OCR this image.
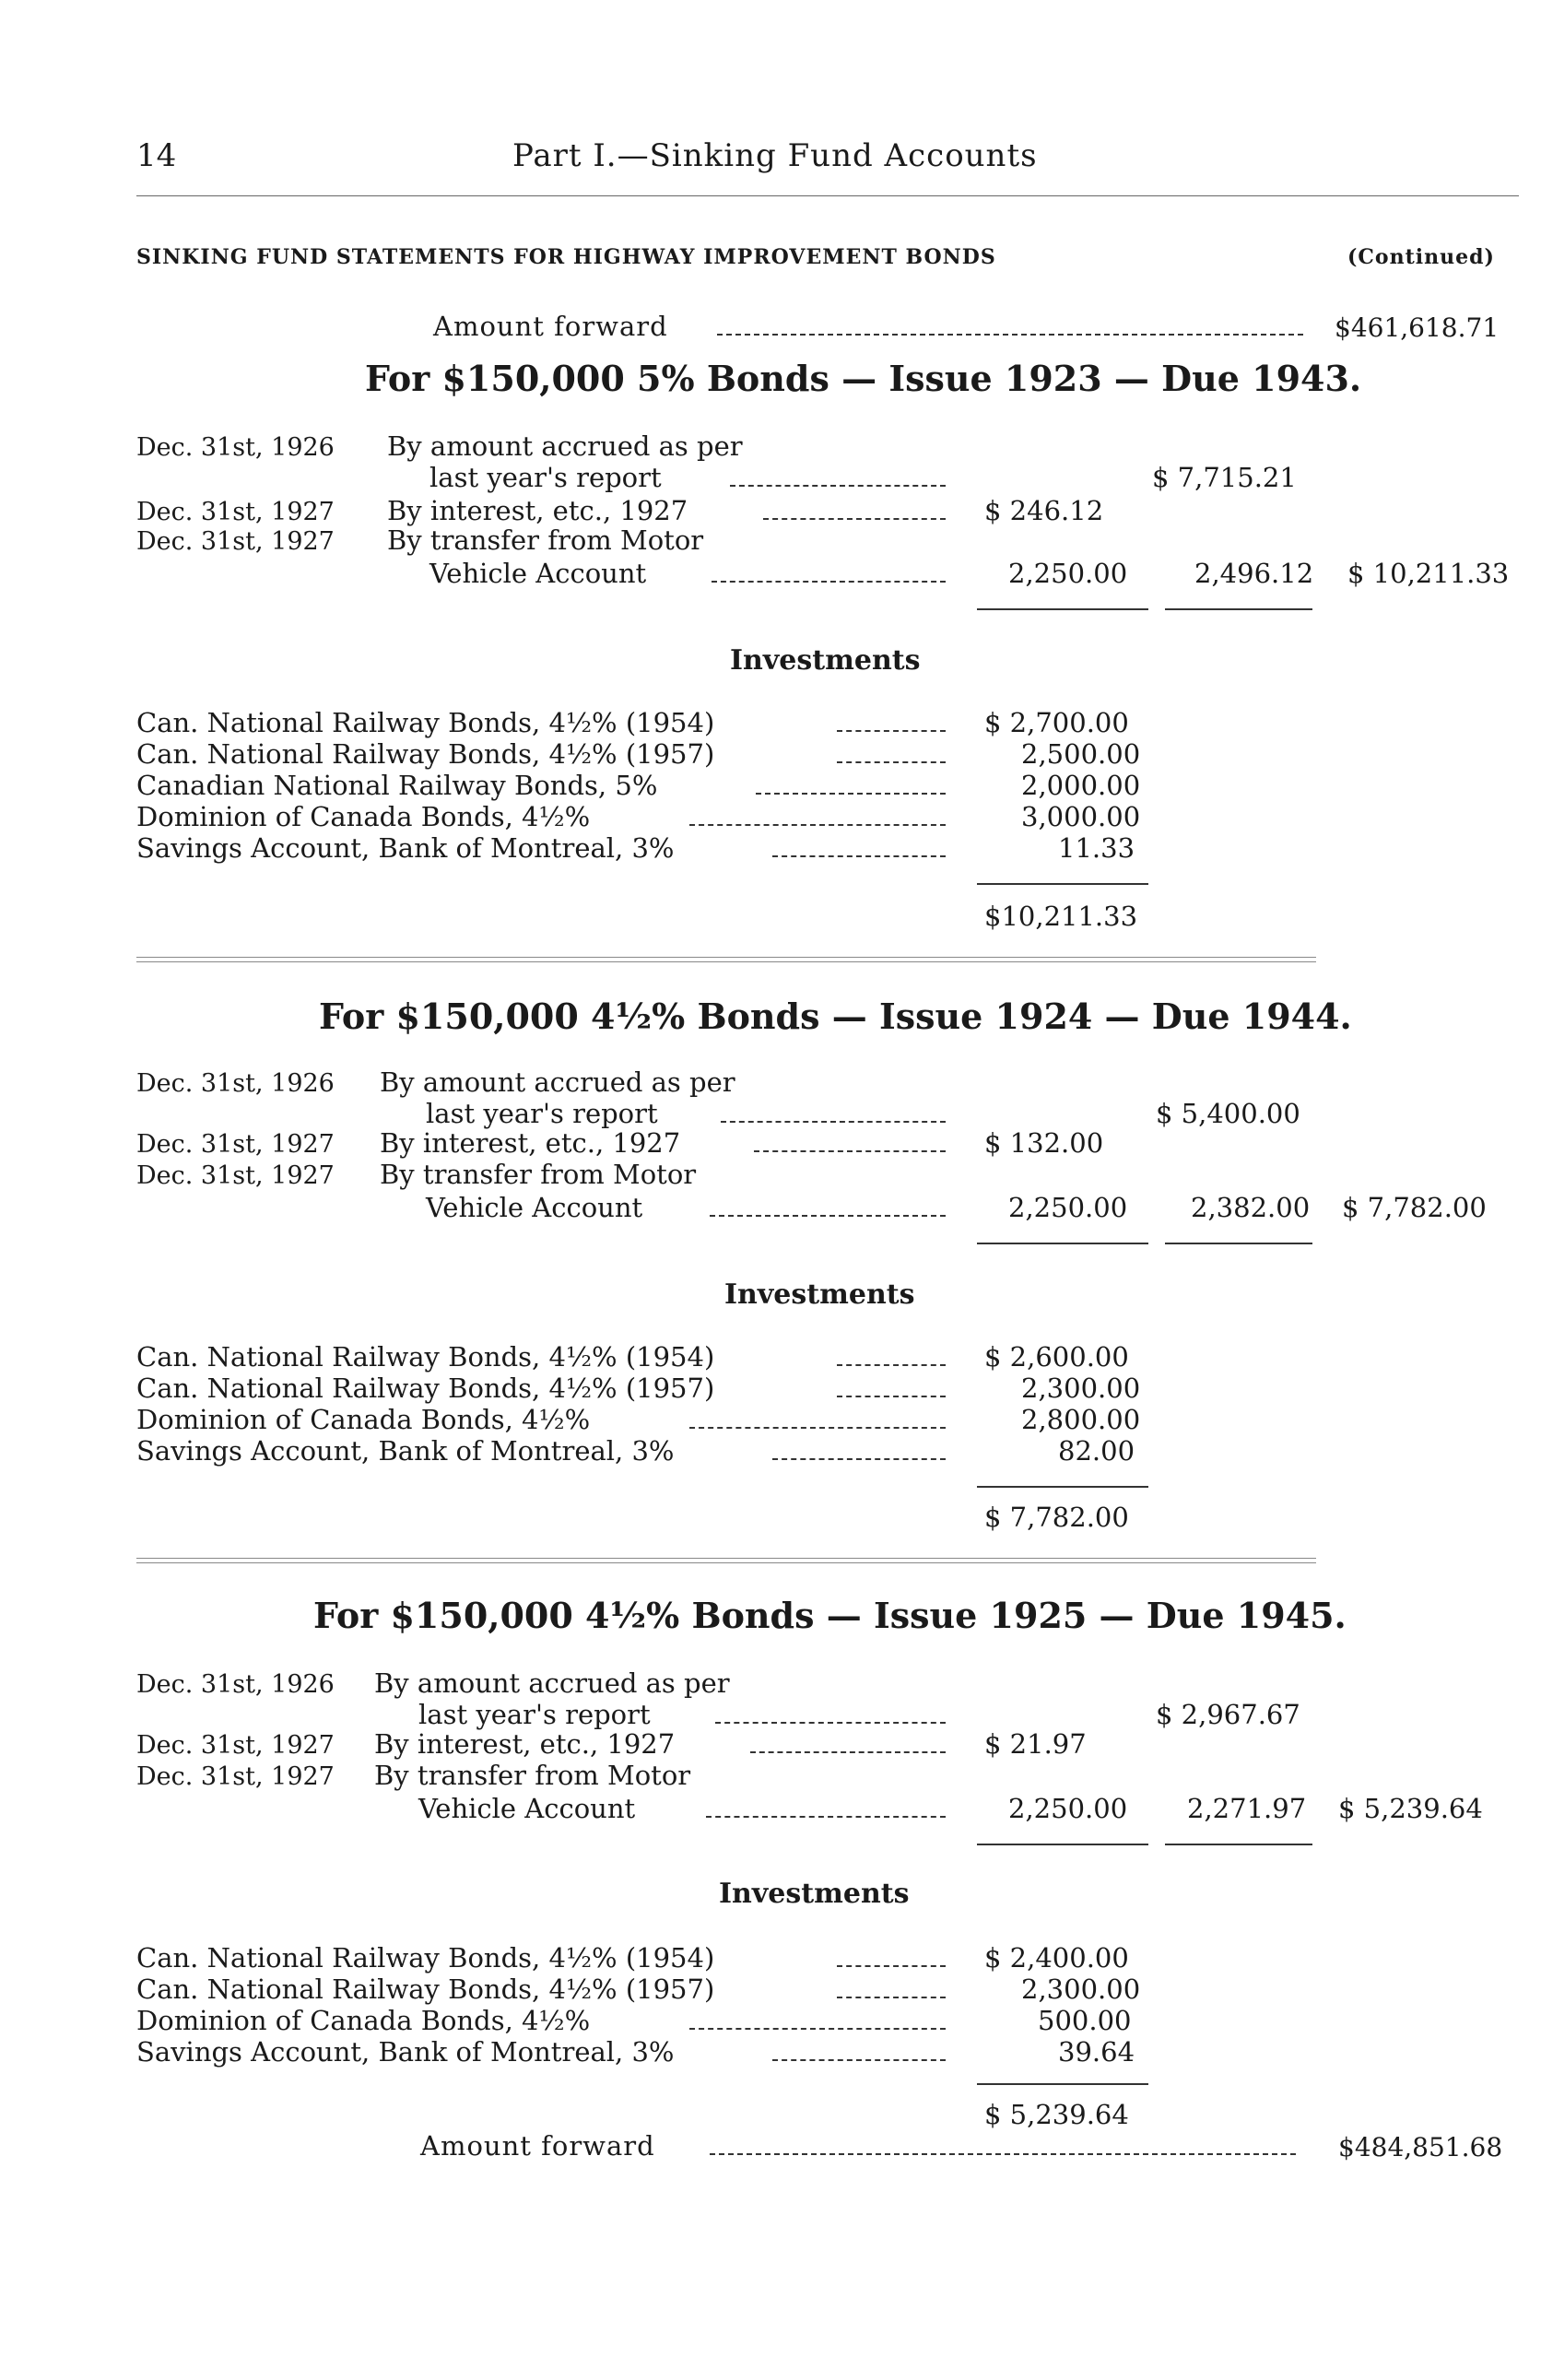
14	Part I.—Sinking Fund Accounts
SINKING FUND STATEMENTS FOR HIGHWAY IMPROVEMENT BONDS	(Continued)
Amount forward	$461,618.71
For $150,000 5% Bonds — Issue 1923 — Due 1943.
Dec. 31st, 1926 By amount accrued as per
last year's report	$ 7,715.21
Dec. 31st, 1927 By interest, etc., 1927	$ 246.12
Dec. 31st, 1927 By transfer from Motor
Vehicle Account	2,250.00	2,496.12 $ 10,211.33
Investments
Can. National Railway Bonds, 4½% (1954)	$ 2,700.00
Can. National Railway Bonds, 4½% (1957)	2,500.00
Canadian National Railway Bonds, 5%	2,000.00
Dominion of Canada Bonds, 4½%	3,000.00
Savings Account, Bank of Montreal, 3%	11.33
$10,211.33
For $150,000 4½% Bonds — Issue 1924 — Due 1944.
Dec. 31st, 1926 By amount accrued as per
last year's report	$ 5,400.00
Dec. 31st, 1927 By interest, etc., 1927	$ 132.00
Dec. 31st, 1927 By transfer from Motor
Vehicle Account	2,250.00 2,382.00 $ 7,782.00
Investments
Can. National Railway Bonds, 4½% (1954)	$ 2,600.00
Can. National Railway Bonds, 4½% (1957)	2,300.00
Dominion of Canada Bonds, 4½%	2,800.00
Savings Account, Bank of Montreal, 3%	82.00
$ 7,782.00
For $150,000 4½% Bonds — Issue 1925 — Due 1945.
Dec. 31st, 1926 By amount accrued as per
last year's report	$ 2,967.67
Dec. 31st, 1927 By interest, etc., 1927	$ 21.97
Dec. 31st, 1927 By transfer from Motor
Vehicle Account	2,250.00 2,271.97 $ 5,239.64
Investments
Can. National Railway Bonds, 4½% (1954)	$ 2,400.00
Can. National Railway Bonds, 4½% (1957)	2,300.00
Dominion of Canada Bonds, 4½%	500.00
Savings Account, Bank of Montreal, 3%	39.64
$ 5,239.64
Amount forward	$484,851.68
